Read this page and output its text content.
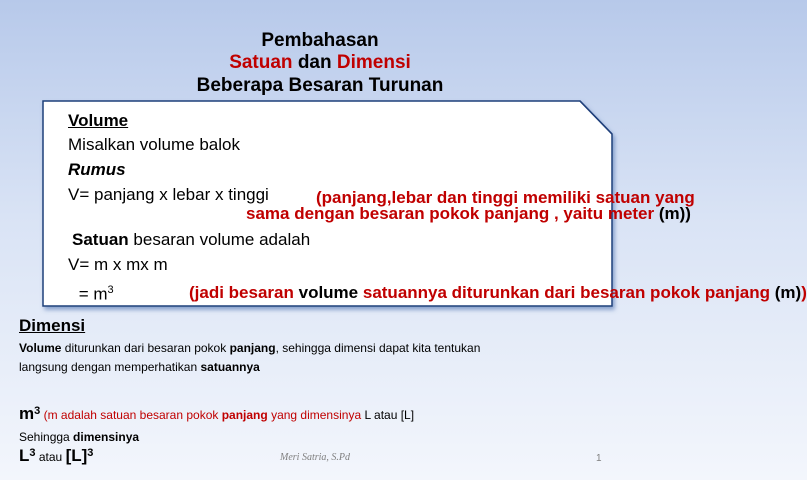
Pembahasan
Satuan dan Dimensi
Beberapa Besaran Turunan
Volume
Misalkan volume balok
Rumus
V= panjang x lebar x tinggi	(panjang,lebar dan tinggi memiliki satuan yang
sama dengan besaran pokok panjang , yaitu meter (m))
Satuan besaran volume adalah
V= m x mx m
= $m^3$	(jadi besaran volume satuannya diturunkan dari besaran pokok panjang (m))
Dimensi
Volume diturunkan dari besaran pokok panjang, sehingga dimensi dapat kita tentukan
langsung dengan memperhatikan satuannya
$m^3$ (m adalah satuan besaran pokok panjang yang dimensinya L atau [L]
Sehingga dimensinya
$L^3$ atau $[L]^3$	Meri Satria, S.Pd	1
